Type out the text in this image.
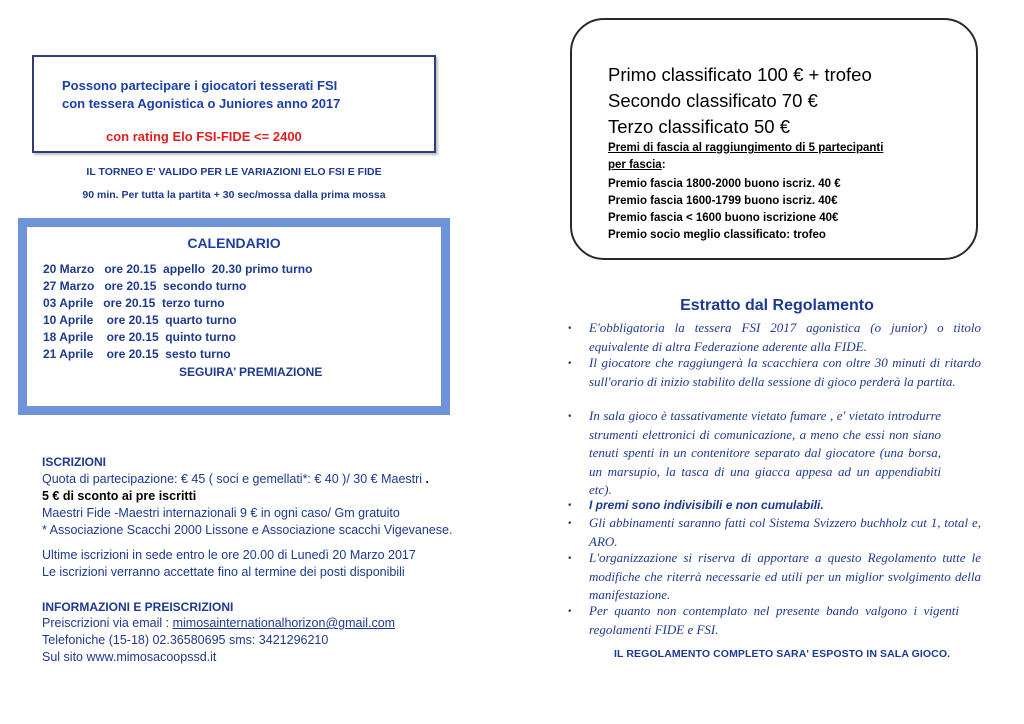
Possono partecipare i giocatori tesserati FSI
con tessera Agonistica o Juniores anno 2017
con rating Elo FSI-FIDE <= 2400
IL TORNEO E' VALIDO PER LE VARIAZIONI ELO FSI E FIDE
90 min. Per tutta la partita + 30 sec/mossa dalla prima mossa
CALENDARIO
20 Marzo   ore 20.15  appello  20.30 primo turno
27 Marzo   ore 20.15  secondo turno
03 Aprile   ore 20.15  terzo turno
10 Aprile    ore 20.15  quarto turno
18 Aprile    ore 20.15  quinto turno
21 Aprile    ore 20.15  sesto turno
SEGUIRA’ PREMIAZIONE
ISCRIZIONI
Quota di partecipazione: € 45 ( soci e gemellati*: € 40 )/ 30 € Maestri .
5 € di sconto ai pre iscritti
Maestri Fide -Maestri internazionali 9 € in ogni caso/ Gm gratuito
* Associazione Scacchi 2000 Lissone e Associazione scacchi Vigevanese.
Ultime iscrizioni in sede entro le ore 20.00 di Lunedì 20 Marzo 2017
Le iscrizioni verranno accettate fino al termine dei posti disponibili
INFORMAZIONI E PREISCRIZIONI
Preiscrizioni via email : mimosainternationalhorizon@gmail.com
Telefoniche (15-18) 02.36580695 sms: 3421296210
Sul sito www.mimosacoopssd.it
Primo classificato 100 € + trofeo
Secondo classificato 70 €
Terzo classificato 50 €
Premi di fascia al raggiungimento di 5 partecipanti
per fascia:
Premio fascia 1800-2000 buono iscriz. 40 €
Premio fascia 1600-1799 buono iscriz. 40€
Premio fascia < 1600 buono iscrizione 40€
Premio socio meglio classificato: trofeo
Estratto dal Regolamento
• E'obbligatoria la tessera FSI 2017 agonistica (o junior) o titolo equivalente di altra Federazione aderente alla FIDE.
• Il giocatore che raggiungerà la scacchiera con oltre 30 minuti di ritardo sull'orario di inizio stabilito della sessione di gioco perderà la partita.
• In sala gioco è tassativamente vietato fumare , e' vietato introdurre strumenti elettronici di comunicazione, a meno che essi non siano tenuti spenti in un contenitore separato dal giocatore (una borsa, un marsupio, la tasca di una giacca appesa ad un appendiabiti etc).
• I premi sono indivisibili e non cumulabili.
• Gli abbinamenti saranno fatti col Sistema Svizzero buchholz cut 1, total e, ARO.
• L'organizzazione si riserva di apportare a questo Regolamento tutte le modifiche che riterrà necessarie ed utili per un miglior svolgimento della manifestazione.
• Per quanto non contemplato nel presente bando valgono i vigenti regolamenti FIDE e FSI.
IL REGOLAMENTO COMPLETO SARA' ESPOSTO IN SALA GIOCO.
